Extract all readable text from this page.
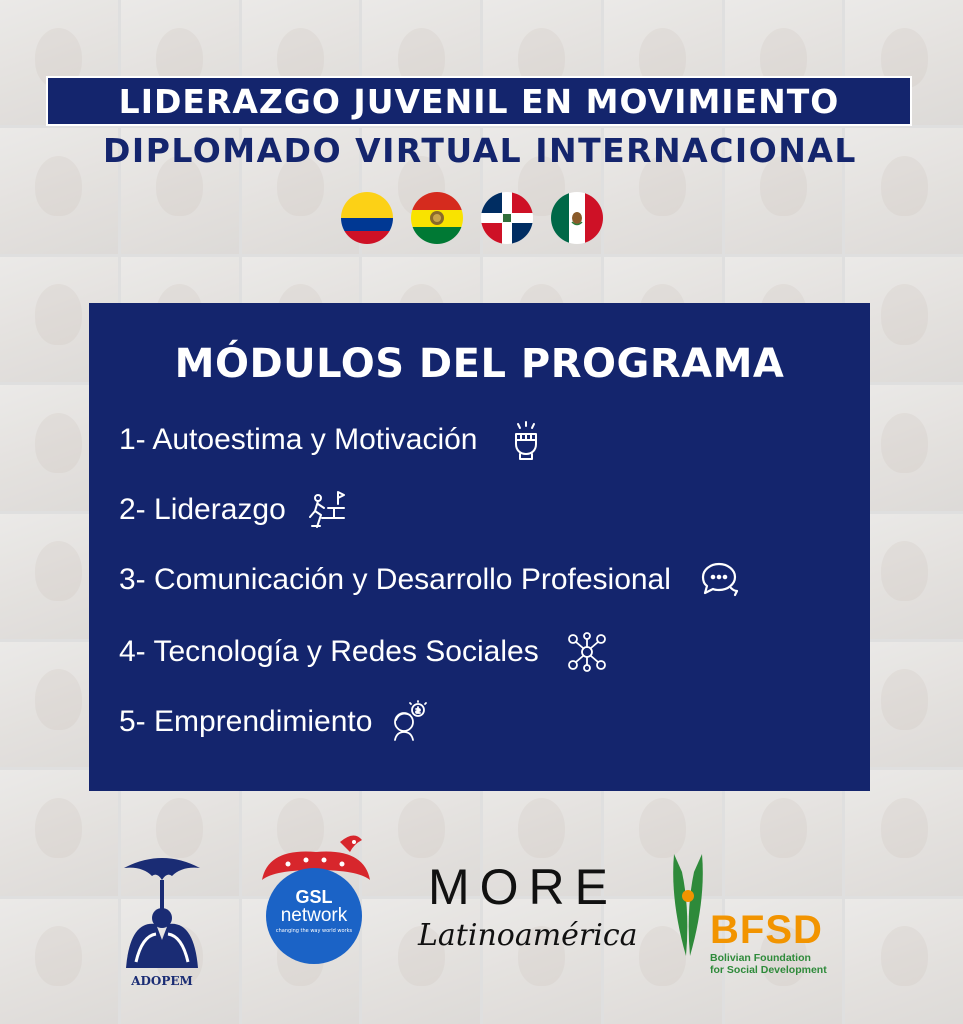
LIDERAZGO JUVENIL EN MOVIMIENTO
DIPLOMADO VIRTUAL INTERNACIONAL
MÓDULOS DEL PROGRAMA
1- Autoestima y Motivación
2- Liderazgo
3- Comunicación y Desarrollo Profesional
4- Tecnología y Redes Sociales
5- Emprendimiento
ADOPEM
GSL
network
changing the way world works
MORE
Latinoamérica BFSD
Bolivian Foundation
for Social Development
